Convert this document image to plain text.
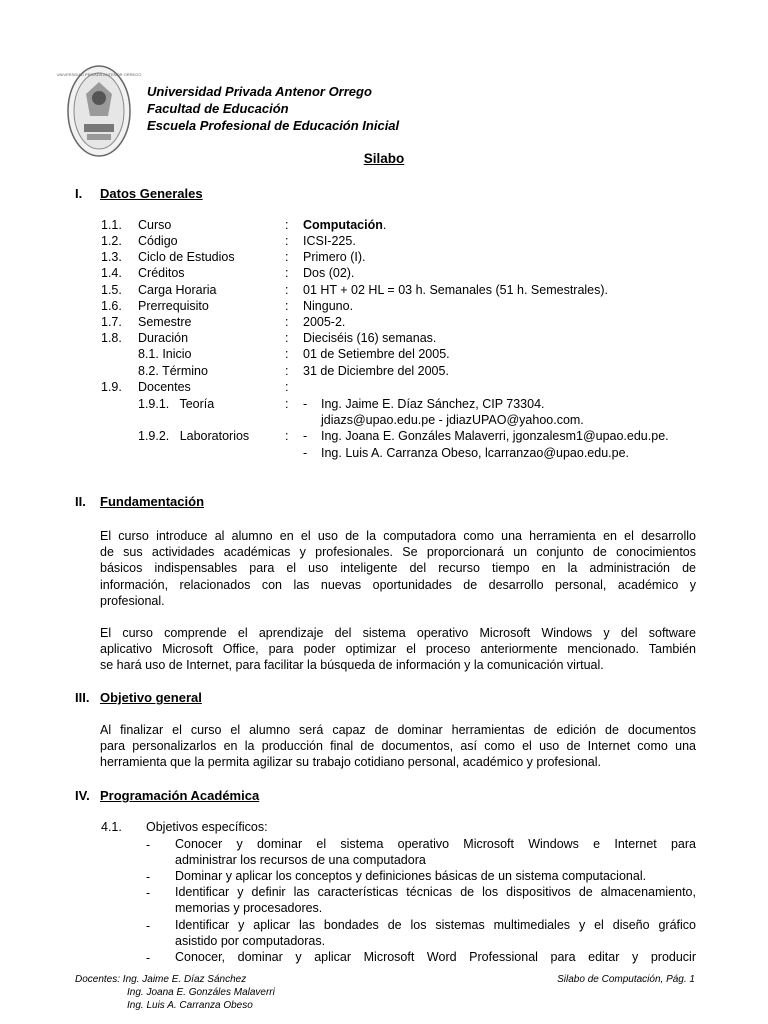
UNIVERSIDAD PRIVADA ANTENOR ORREGO
Universidad Privada Antenor Orrego
Facultad de Educación
Escuela Profesional de Educación Inicial
Silabo
I. Datos Generales
1.1. Curso	: Computación.
1.2. Código	: ICSI-225.
1.3. Ciclo de Estudios	: Primero (I).
1.4. Créditos	: Dos (02).
1.5. Carga Horaria	: 01 HT + 02 HL = 03 h. Semanales (51 h. Semestrales).
1.6. Prerrequisito	: Ninguno.
1.7. Semestre	: 2005-2.
1.8. Duración	: Dieciséis (16) semanas.
8.1. Inicio	: 01 de Setiembre del 2005.
8.2. Término	: 31 de Diciembre del 2005.
1.9. Docentes	:
1.9.1.   Teoría	: - Ing. Jaime E. Díaz Sánchez, CIP 73304.
jdiazs@upao.edu.pe - jdiazUPAO@yahoo.com.
1.9.2.   Laboratorios	: - Ing. Joana E. Gonzáles Malaverri, jgonzalesm1@upao.edu.pe.
- Ing. Luis A. Carranza Obeso, lcarranzao@upao.edu.pe.
II. Fundamentación
El curso introduce al alumno en el uso de la computadora como una herramienta en el desarrollo
de sus actividades académicas y profesionales. Se proporcionará un conjunto de conocimientos
básicos indispensables para el uso inteligente del recurso tiempo en la administración de
información, relacionados con las nuevas oportunidades de desarrollo personal, académico y
profesional.
El curso comprende el aprendizaje del sistema operativo Microsoft Windows y del software
aplicativo Microsoft Office, para poder optimizar el proceso anteriormente mencionado. También
se hará uso de Internet, para facilitar la búsqueda de información y la comunicación virtual.
III. Objetivo general
Al finalizar el curso el alumno será capaz de dominar herramientas de edición de documentos
para personalizarlos en la producción final de documentos, así como el uso de Internet como una
herramienta que la permita agilizar su trabajo cotidiano personal, académico y profesional.
IV. Programación Académica
4.1. Objetivos específicos:
- Conocer y dominar el sistema operativo Microsoft Windows e Internet para
administrar los recursos de una computadora
- Dominar y aplicar los conceptos y definiciones básicas de un sistema computacional.
- Identificar y definir las características técnicas de los dispositivos de almacenamiento,
memorias y procesadores.
- Identificar y aplicar las bondades de los sistemas multimediales y el diseño gráfico
asistido por computadoras.
- Conocer, dominar y aplicar Microsoft Word Professional para editar y producir
Docentes: Ing. Jaime E. Díaz Sánchez
Ing. Joana E. Gonzáles Malaverri
Ing. Luis A. Carranza Obeso
Silabo de Computación, Pág. 1
